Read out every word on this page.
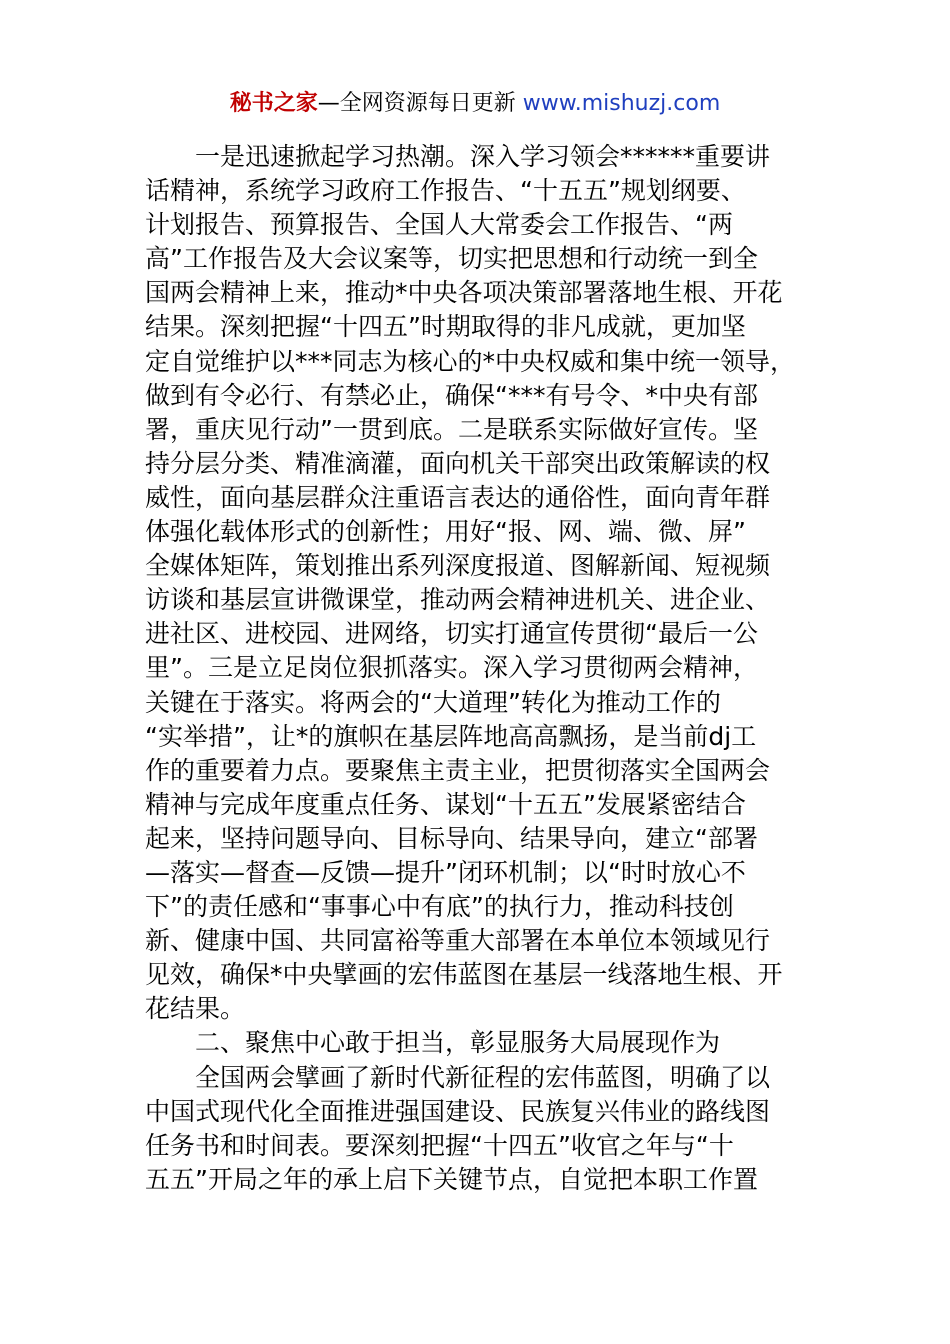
秘书之家—全网资源每日更新 www.mishuzj.com
一是迅速掀起学习热潮。深入学习领会******重要讲
话精神，系统学习政府工作报告、“十五五”规划纲要、
计划报告、预算报告、全国人大常委会工作报告、“两
高”工作报告及大会议案等，切实把思想和行动统一到全
国两会精神上来，推动*中央各项决策部署落地生根、开花
结果。深刻把握“十四五”时期取得的非凡成就，更加坚
定自觉维护以***同志为核心的*中央权威和集中统一领导，
做到有令必行、有禁必止，确保“***有号令、*中央有部
署，重庆见行动”一贯到底。二是联系实际做好宣传。坚
持分层分类、精准滴灌，面向机关干部突出政策解读的权
威性，面向基层群众注重语言表达的通俗性，面向青年群
体强化载体形式的创新性；用好“报、网、端、微、屏”
全媒体矩阵，策划推出系列深度报道、图解新闻、短视频
访谈和基层宣讲微课堂，推动两会精神进机关、进企业、
进社区、进校园、进网络，切实打通宣传贯彻“最后一公
里”。三是立足岗位狠抓落实。深入学习贯彻两会精神，
关键在于落实。将两会的“大道理”转化为推动工作的
“实举措”，让*的旗帜在基层阵地高高飘扬，是当前dj工
作的重要着力点。要聚焦主责主业，把贯彻落实全国两会
精神与完成年度重点任务、谋划“十五五”发展紧密结合
起来，坚持问题导向、目标导向、结果导向，建立“部署
—落实—督查—反馈—提升”闭环机制；以“时时放心不
下”的责任感和“事事心中有底”的执行力，推动科技创
新、健康中国、共同富裕等重大部署在本单位本领域见行
见效，确保*中央擘画的宏伟蓝图在基层一线落地生根、开
花结果。
二、聚焦中心敢于担当，彰显服务大局展现作为
全国两会擘画了新时代新征程的宏伟蓝图，明确了以
中国式现代化全面推进强国建设、民族复兴伟业的路线图
任务书和时间表。要深刻把握“十四五”收官之年与“十
五五”开局之年的承上启下关键节点，自觉把本职工作置
